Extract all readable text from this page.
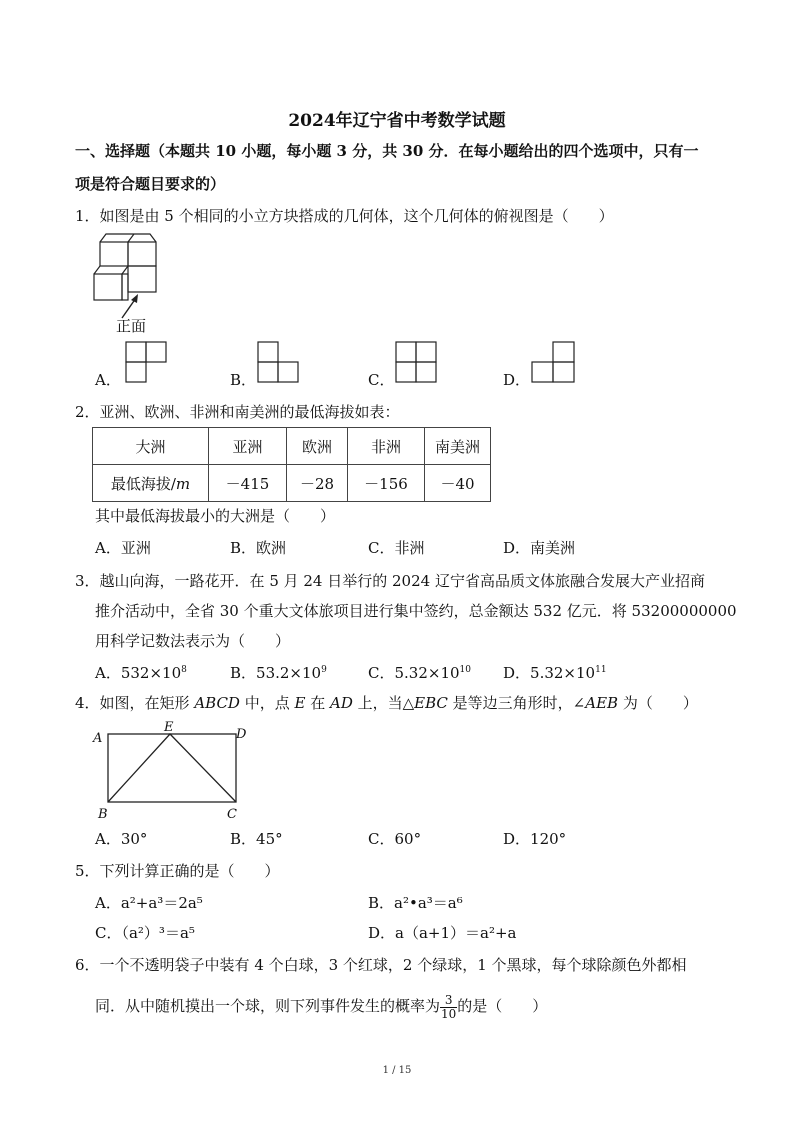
2024年辽宁省中考数学试题
一、选择题（本题共 10 小题，每小题 3 分，共 30 分．在每小题给出的四个选项中，只有一
项是符合题目要求的）
1．如图是由 5 个相同的小立方块搭成的几何体，这个几何体的俯视图是（　　）
正面
A．	B．	C．	D．
2．亚洲、欧洲、非洲和南美洲的最低海拔如表：
大洲	亚洲	欧洲	非洲	南美洲
最低海拔/m	－415	－28	－156	－40
其中最低海拔最小的大洲是（　　）
A．亚洲	B．欧洲	C．非洲	D．南美洲
3．越山向海，一路花开．在 5 月 24 日举行的 2024 辽宁省高品质文体旅融合发展大产业招商
推介活动中，全省 30 个重大文体旅项目进行集中签约，总金额达 532 亿元．将 53200000000
用科学记数法表示为（　　）
A．$532\times 10^8$	B．$53.2\times 10^9$	C．$5.32\times 10^{10}$ D．$5.32\times 10^{11}$
4．如图，在矩形 ABCD 中，点 E 在 AD 上，当△EBC 是等边三角形时，∠AEB 为（　　）
A
E	D
B	C
A．30°	B．45°	C．60°	D．120°
5．下列计算正确的是（　　）
A．a²+a³＝2a⁵	B．a²•a³＝a⁶
C．（a²）³＝a⁵	D．a（a+1）＝a²+a
6．一个不透明袋子中装有 4 个白球，3 个红球，2 个绿球，1 个黑球，每个球除颜色外都相
同．从中随机摸出一个球，则下列事件发生的概率为 $\frac{3}{10}$ 的是（　　）
1 / 15
